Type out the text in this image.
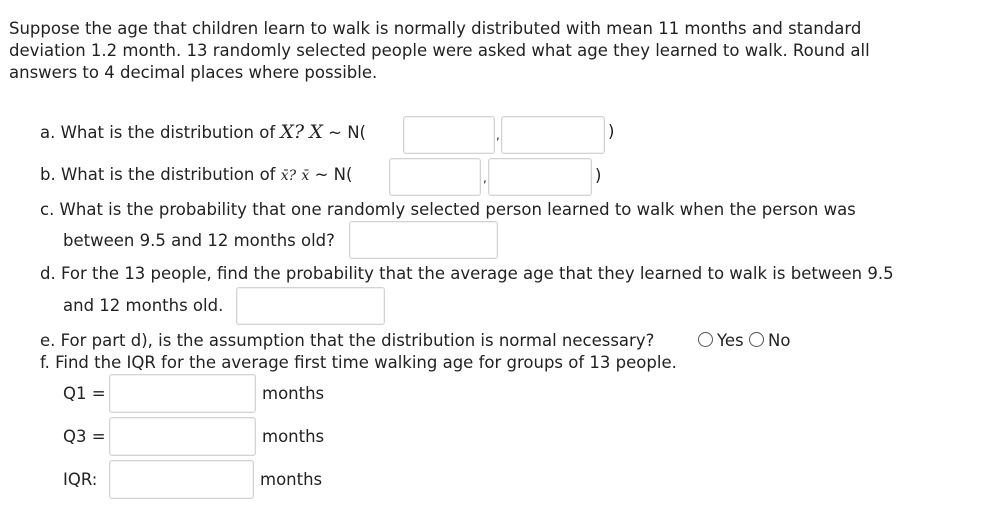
Suppose the age that children learn to walk is normally distributed with mean 11 months and standard
deviation 1.2 month. 13 randomly selected people were asked what age they learned to walk. Round all
answers to 4 decimal places where possible.
a. What is the distribution of X? X ~ N(	,	)
b. What is the distribution of x̄? x̄ ~ N(	,	)
c. What is the probability that one randomly selected person learned to walk when the person was
between 9.5 and 12 months old?
d. For the 13 people, find the probability that the average age that they learned to walk is between 9.5
and 12 months old.
e. For part d), is the assumption that the distribution is normal necessary?	Yes No
f. Find the IQR for the average first time walking age for groups of 13 people.
Q1 =	months
Q3 =	months
IQR:	months
